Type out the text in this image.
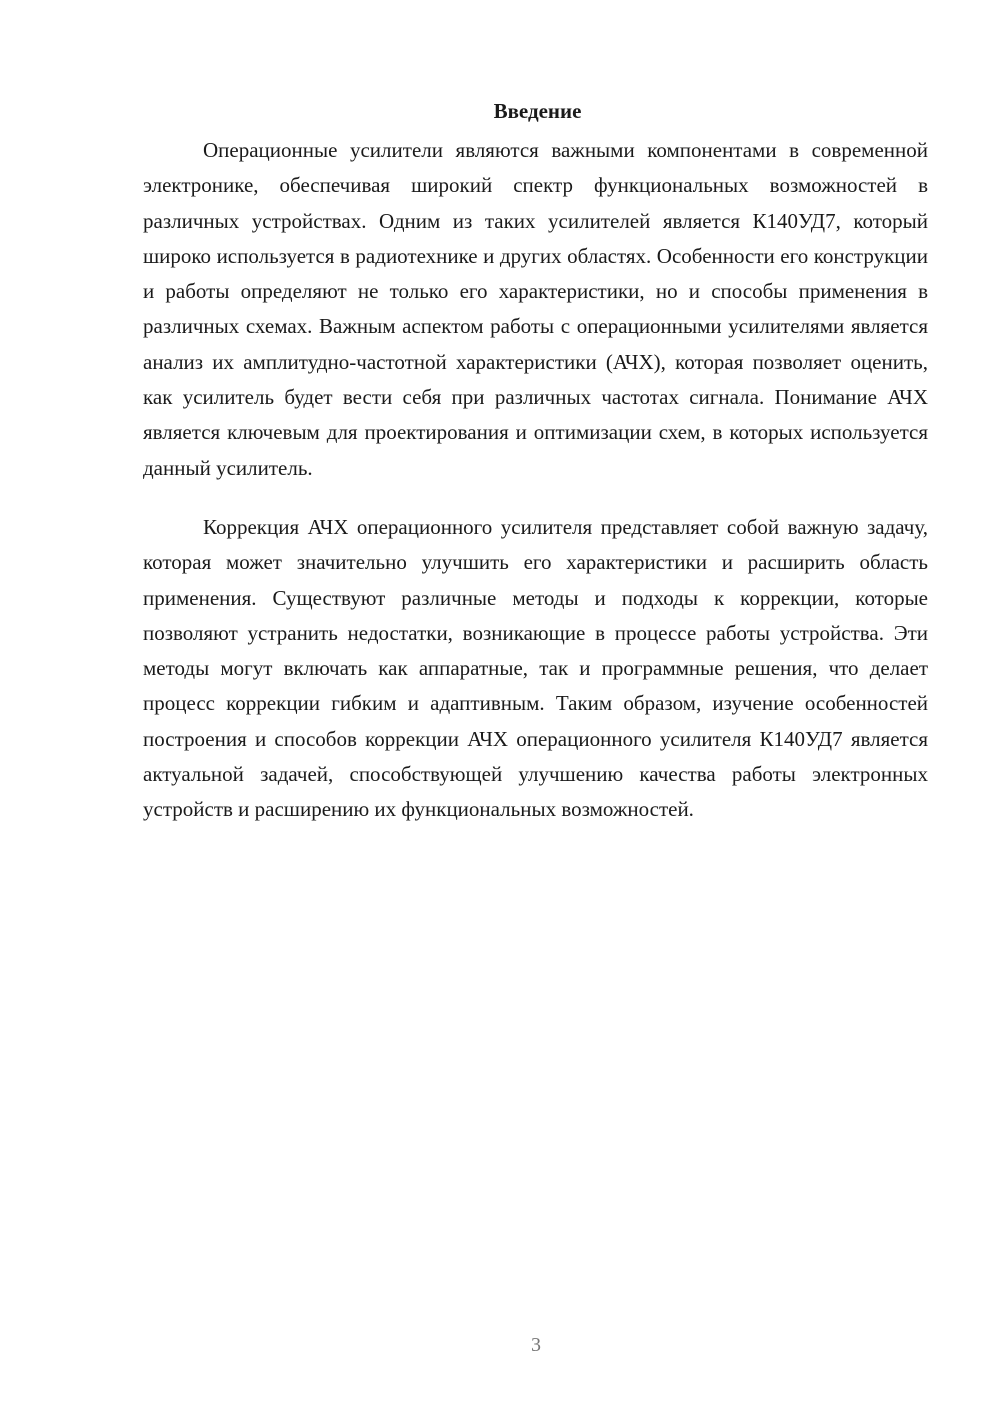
Введение

Операционные усилители являются важными компонентами в современной электронике, обеспечивая широкий спектр функциональных возможностей в различных устройствах. Одним из таких усилителей является К140УД7, который широко используется в радиотехнике и других областях. Особенности его конструкции и работы определяют не только его характеристики, но и способы применения в различных схемах. Важным аспектом работы с операционными усилителями является анализ их амплитудно-частотной характеристики (АЧХ), которая позволяет оценить, как усилитель будет вести себя при различных частотах сигнала. Понимание АЧХ является ключевым для проектирования и оптимизации схем, в которых используется данный усилитель.

Коррекция АЧХ операционного усилителя представляет собой важную задачу, которая может значительно улучшить его характеристики и расширить область применения. Существуют различные методы и подходы к коррекции, которые позволяют устранить недостатки, возникающие в процессе работы устройства. Эти методы могут включать как аппаратные, так и программные решения, что делает процесс коррекции гибким и адаптивным. Таким образом, изучение особенностей построения и способов коррекции АЧХ операционного усилителя К140УД7 является актуальной задачей, способствующей улучшению качества работы электронных устройств и расширению их функциональных возможностей.

3
